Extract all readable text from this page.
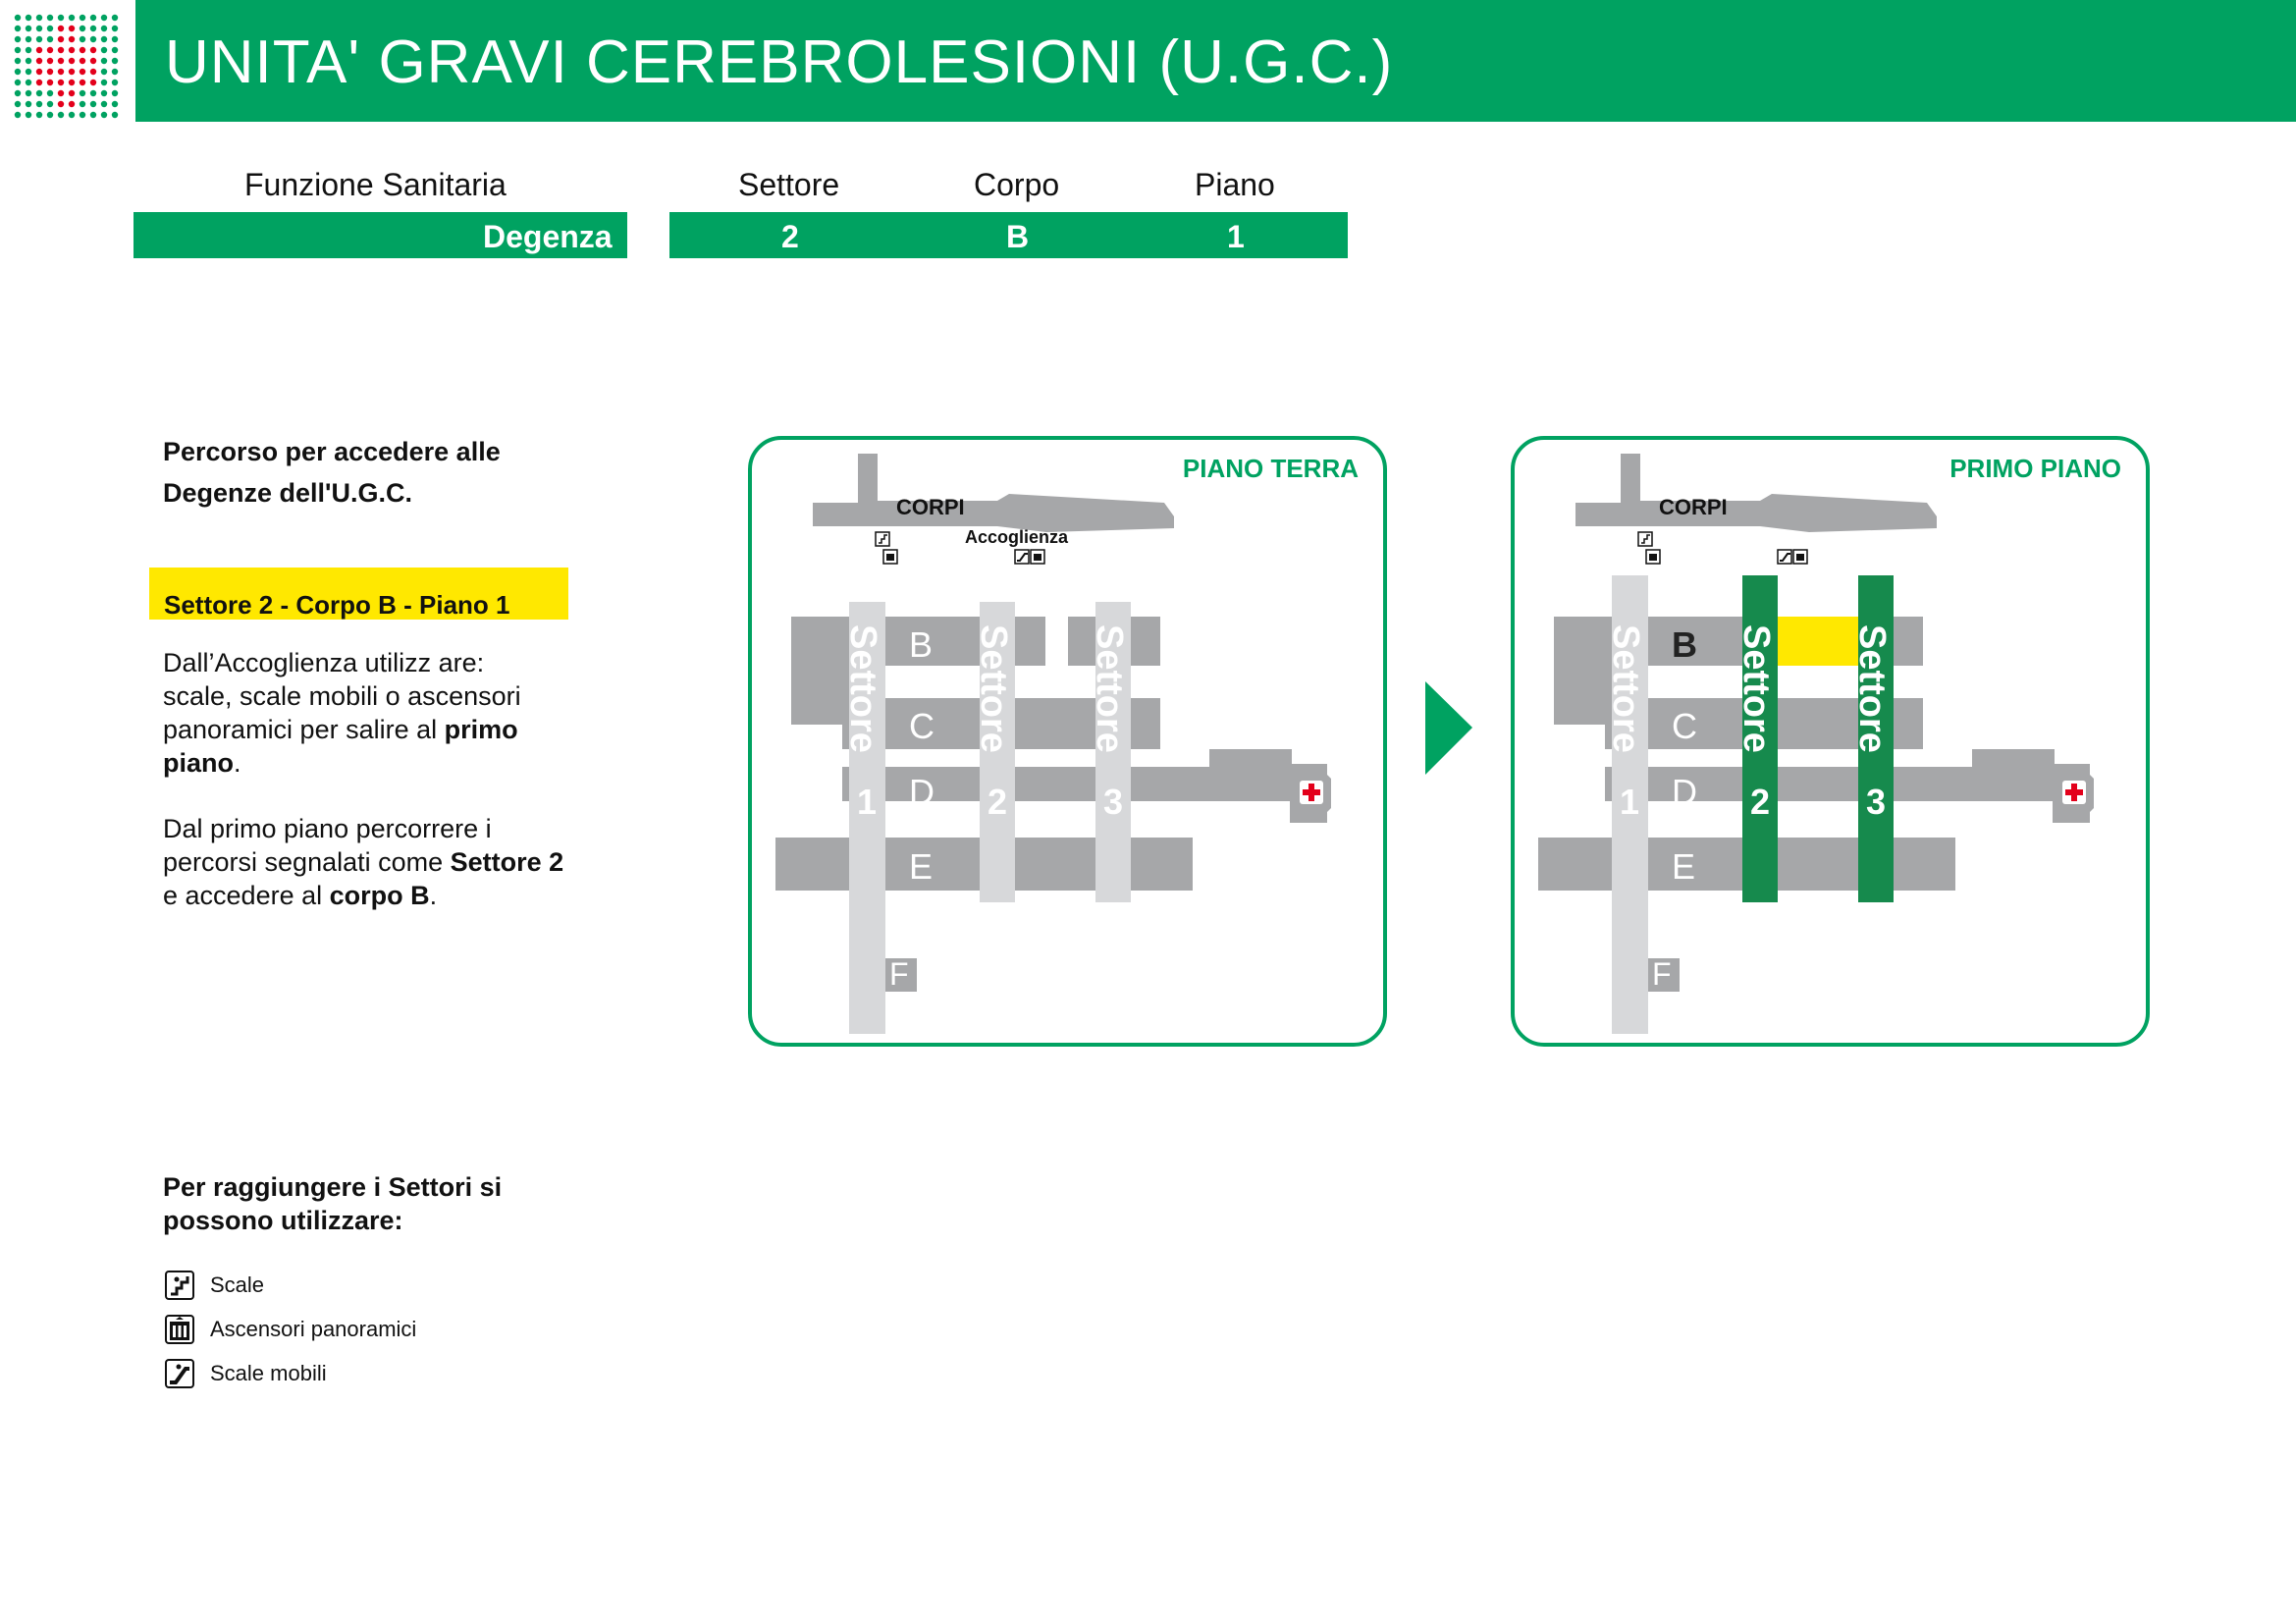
UNITA' GRAVI CEREBROLESIONI (U.G.C.)
Funzione Sanitaria	Settore	Corpo	Piano
Degenza	2	B	1
Percorso per accedere alle Degenze dell'U.G.C.
Settore 2 - Corpo B - Piano 1

Dall’Accoglienza utilizz are:
scale, scale mobili o ascensori panoramici per salire al primo piano.

Dal primo piano percorrere i percorsi segnalati come Settore 2 e accedere al corpo B.

Per raggiungere i Settori si possono utilizzare:
Scale
Ascensori panoramici
Scale mobili
PIANO TERRA
CORPI
Accoglienza
A
B
C
D
E
F
Settore
1
Settore
2
Settore
3
PRIMO PIANO
CORPI
A
B
C
D
E
F
Settore
1
Settore
2
Settore
3
